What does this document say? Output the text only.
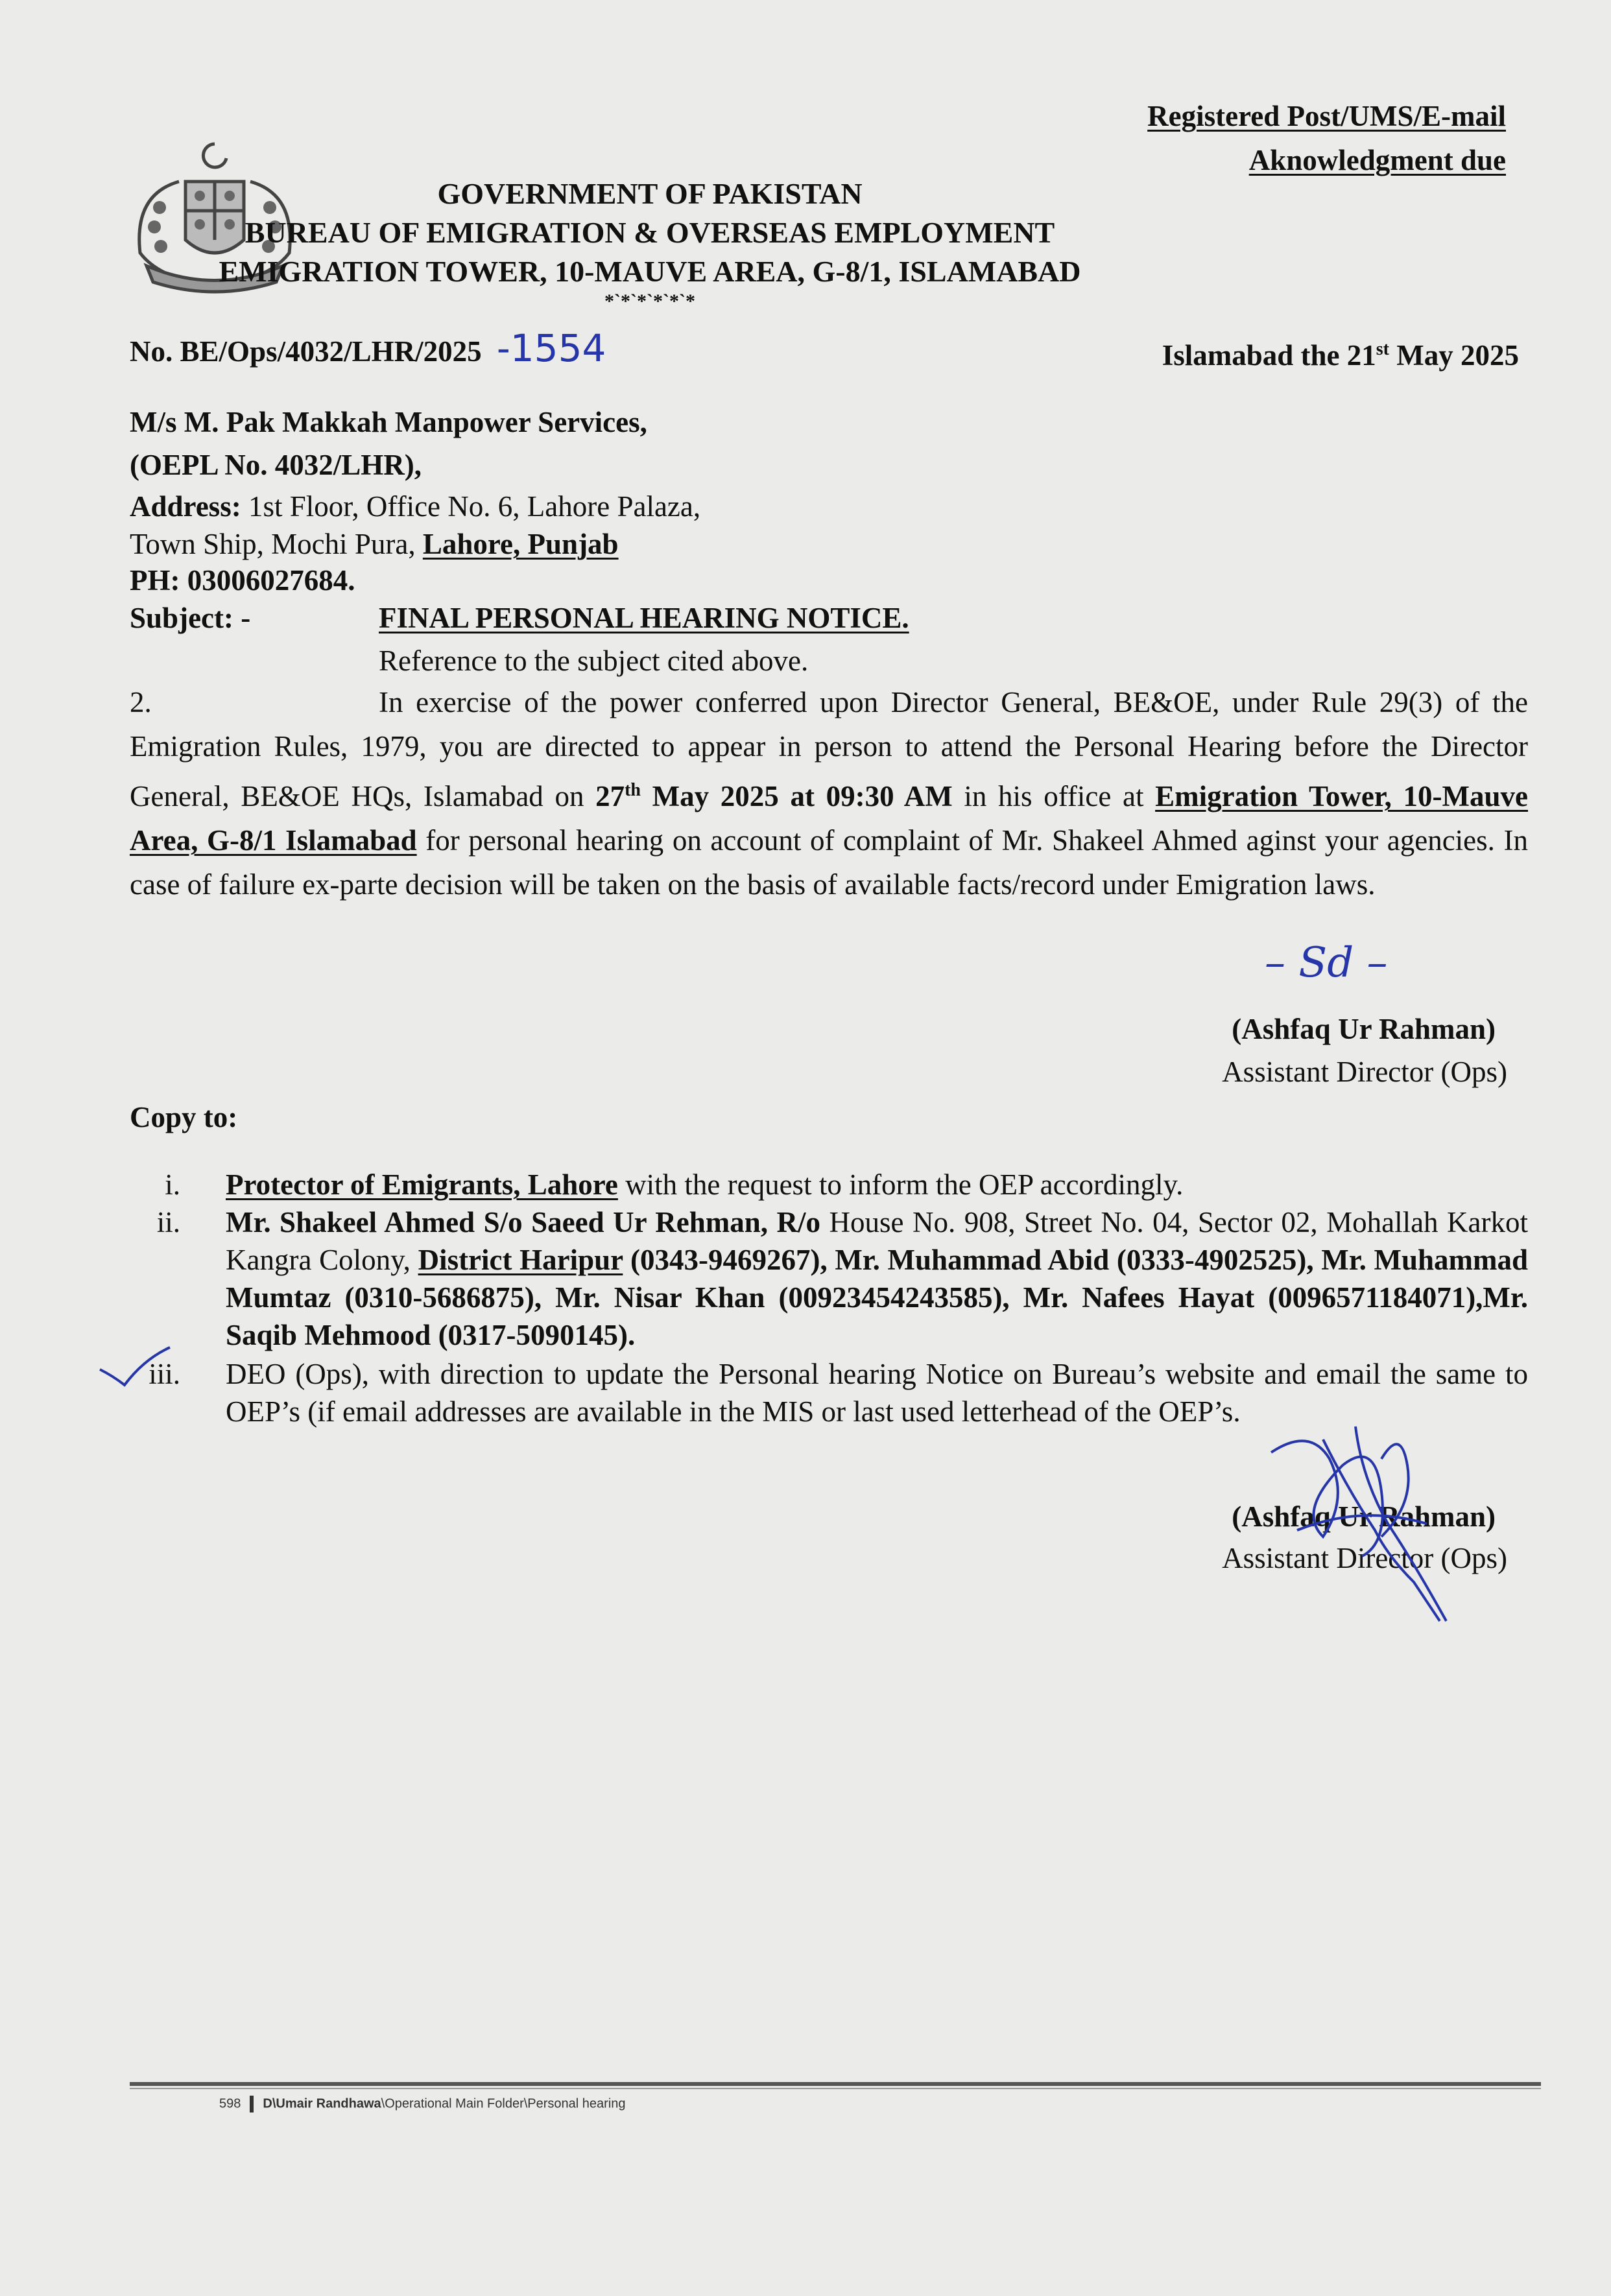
Registered Post/UMS/E-mail
Aknowledgment due
GOVERNMENT OF PAKISTAN
BUREAU OF EMIGRATION & OVERSEAS EMPLOYMENT
EMIGRATION TOWER, 10-MAUVE AREA, G-8/1, ISLAMABAD
*`*`*`*`*`*
No. BE/Ops/4032/LHR/2025 -1554	Islamabad the 21st May 2025
M/s M. Pak Makkah Manpower Services,
(OEPL No. 4032/LHR),
Address: 1st Floor, Office No. 6, Lahore Palaza,
Town Ship, Mochi Pura, Lahore, Punjab
PH: 03006027684.
Subject: -	FINAL PERSONAL HEARING NOTICE.
Reference to the subject cited above.
2.	In exercise of the power conferred upon Director General, BE&OE, under Rule 29(3) of the Emigration Rules, 1979, you are directed to appear in person to attend the Personal Hearing before the Director General, BE&OE HQs, Islamabad on 27th May 2025 at 09:30 AM in his office at Emigration Tower, 10-Mauve Area, G-8/1 Islamabad for personal hearing on account of complaint of Mr. Shakeel Ahmed aginst your agencies. In case of failure ex-parte decision will be taken on the basis of available facts/record under Emigration laws.
– Sd –
(Ashfaq Ur Rahman)
Assistant Director (Ops)
Copy to:
i. Protector of Emigrants, Lahore with the request to inform the OEP accordingly.
ii. Mr. Shakeel Ahmed S/o Saeed Ur Rehman, R/o House No. 908, Street No. 04, Sector 02, Mohallah Karkot Kangra Colony, District Haripur (0343-9469267), Mr. Muhammad Abid (0333-4902525), Mr. Muhammad Mumtaz (0310-5686875), Mr. Nisar Khan (00923454243585), Mr. Nafees Hayat (0096571184071),Mr. Saqib Mehmood (0317-5090145).
iii. DEO (Ops), with direction to update the Personal hearing Notice on Bureau’s website and email the same to OEP’s (if email addresses are available in the MIS or last used letterhead of the OEP’s.
(Ashfaq Ur Rahman)
Assistant Director (Ops)
598 D\Umair Randhawa\Operational Main Folder\Personal hearing
